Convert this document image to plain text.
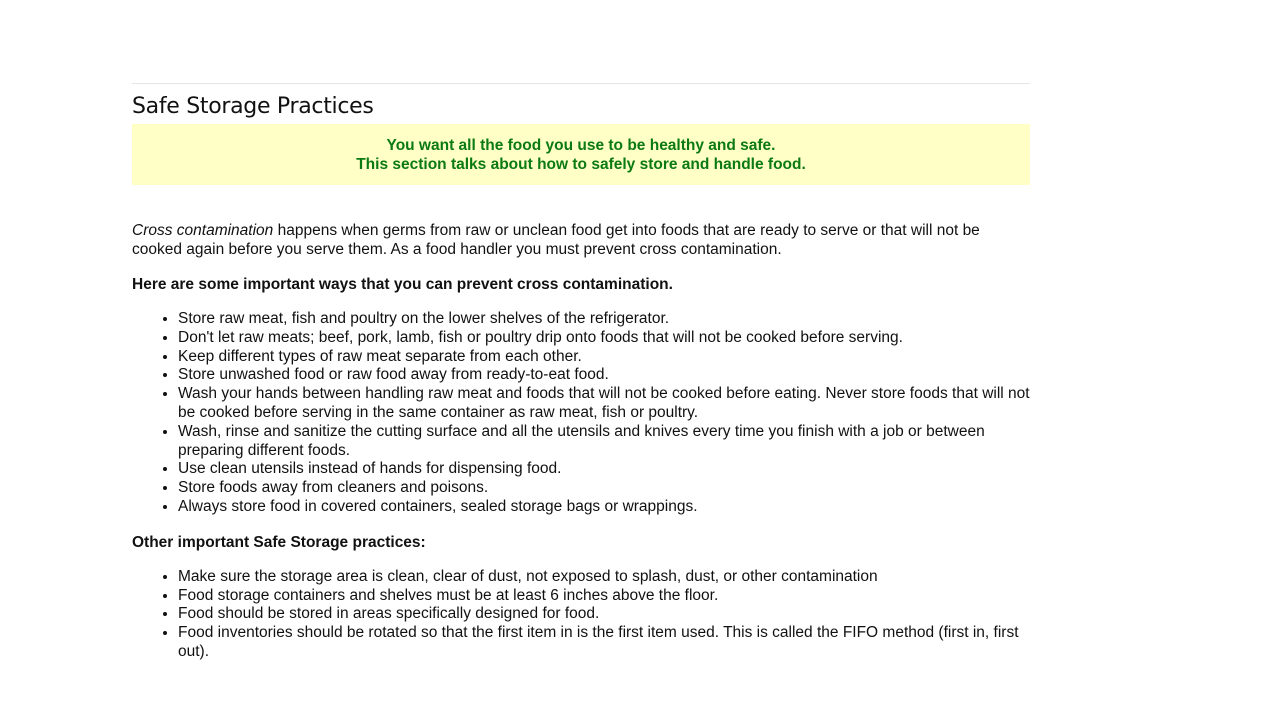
Safe Storage Practices
You want all the food you use to be healthy and safe.
This section talks about how to safely store and handle food.

Cross contamination happens when germs from raw or unclean food get into foods that are ready to serve or that will not be cooked again before you serve them. As a food handler you must prevent cross contamination.

Here are some important ways that you can prevent cross contamination.

• Store raw meat, fish and poultry on the lower shelves of the refrigerator.
• Don't let raw meats; beef, pork, lamb, fish or poultry drip onto foods that will not be cooked before serving.
• Keep different types of raw meat separate from each other.
• Store unwashed food or raw food away from ready-to-eat food.
• Wash your hands between handling raw meat and foods that will not be cooked before eating. Never store foods that will not be cooked before serving in the same container as raw meat, fish or poultry.
• Wash, rinse and sanitize the cutting surface and all the utensils and knives every time you finish with a job or between preparing different foods.
• Use clean utensils instead of hands for dispensing food.
• Store foods away from cleaners and poisons.
• Always store food in covered containers, sealed storage bags or wrappings.

Other important Safe Storage practices:

• Make sure the storage area is clean, clear of dust, not exposed to splash, dust, or other contamination
• Food storage containers and shelves must be at least 6 inches above the floor.
• Food should be stored in areas specifically designed for food.
• Food inventories should be rotated so that the first item in is the first item used. This is called the FIFO method (first in, first out).
